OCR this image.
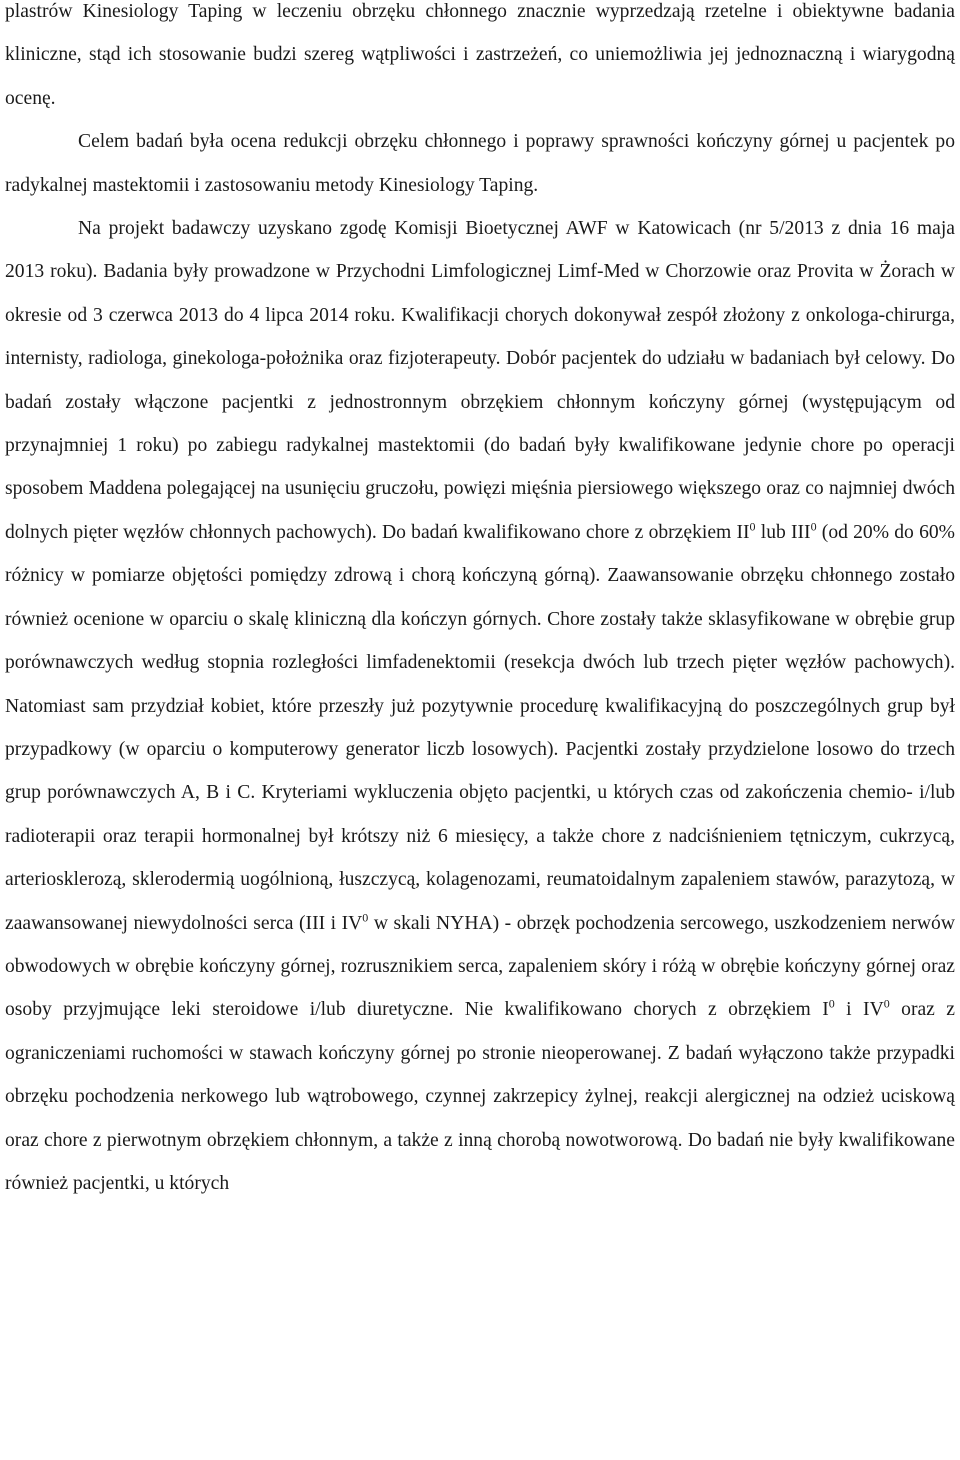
plastrów Kinesiology Taping w leczeniu obrzęku chłonnego znacznie wyprzedzają rzetelne i obiektywne badania kliniczne, stąd ich stosowanie budzi szereg wątpliwości i zastrzeżeń, co uniemożliwia jej jednoznaczną i wiarygodną ocenę.

Celem badań była ocena redukcji obrzęku chłonnego i poprawy sprawności kończyny górnej u pacjentek po radykalnej mastektomii i zastosowaniu metody Kinesiology Taping.

Na projekt badawczy uzyskano zgodę Komisji Bioetycznej AWF w Katowicach (nr 5/2013 z dnia 16 maja 2013 roku). Badania były prowadzone w Przychodni Limfologicznej Limf-Med w Chorzowie oraz Provita w Żorach w okresie od 3 czerwca 2013 do 4 lipca 2014 roku. Kwalifikacji chorych dokonywał zespół złożony z onkologa-chirurga, internisty, radiologa, ginekologa-położnika oraz fizjoterapeuty. Dobór pacjentek do udziału w badaniach był celowy. Do badań zostały włączone pacjentki z jednostronnym obrzękiem chłonnym kończyny górnej (występującym od przynajmniej 1 roku) po zabiegu radykalnej mastektomii (do badań były kwalifikowane jedynie chore po operacji sposobem Maddena polegającej na usunięciu gruczołu, powięzi mięśnia piersiowego większego oraz co najmniej dwóch dolnych pięter węzłów chłonnych pachowych). Do badań kwalifikowano chore z obrzękiem $II^0$ lub III$^0$ (od 20% do 60% różnicy w pomiarze objętości pomiędzy zdrową i chorą kończyną górną). Zaawansowanie obrzęku chłonnego zostało również ocenione w oparciu o skalę kliniczną dla kończyn górnych. Chore zostały także sklasyfikowane w obrębie grup porównawczych według stopnia rozległości limfadenektomii (resekcja dwóch lub trzech pięter węzłów pachowych). Natomiast sam przydział kobiet, które przeszły już pozytywnie procedurę kwalifikacyjną do poszczególnych grup był przypadkowy (w oparciu o komputerowy generator liczb losowych). Pacjentki zostały przydzielone losowo do trzech grup porównawczych A, B i C. Kryteriami wykluczenia objęto pacjentki, u których czas od zakończenia chemio- i/lub radioterapii oraz terapii hormonalnej był krótszy niż 6 miesięcy, a także chore z nadciśnieniem tętniczym, cukrzycą, arteriosklerozą, sklerodermią uogólnioną, łuszczycą, kolagenozami, reumatoidalnym zapaleniem stawów, parazytozą, w zaawansowanej niewydolności serca (III i $IV^0$ w skali NYHA) - obrzęk pochodzenia sercowego, uszkodzeniem nerwów obwodowych w obrębie kończyny górnej, rozrusznikiem serca, zapaleniem skóry i różą w obrębie kończyny górnej oraz osoby przyjmujące leki steroidowe i/lub diuretyczne. Nie kwalifikowano chorych z obrzękiem $I^0$ i $IV^0$ oraz z ograniczeniami ruchomości w stawach kończyny górnej po stronie nieoperowanej. Z badań wyłączono także przypadki obrzęku pochodzenia nerkowego lub wątrobowego, czynnej zakrzepicy żylnej, reakcji alergicznej na odzież uciskową oraz chore z pierwotnym obrzękiem chłonnym, a także z inną chorobą nowotworową. Do badań nie były kwalifikowane również pacjentki, u których
